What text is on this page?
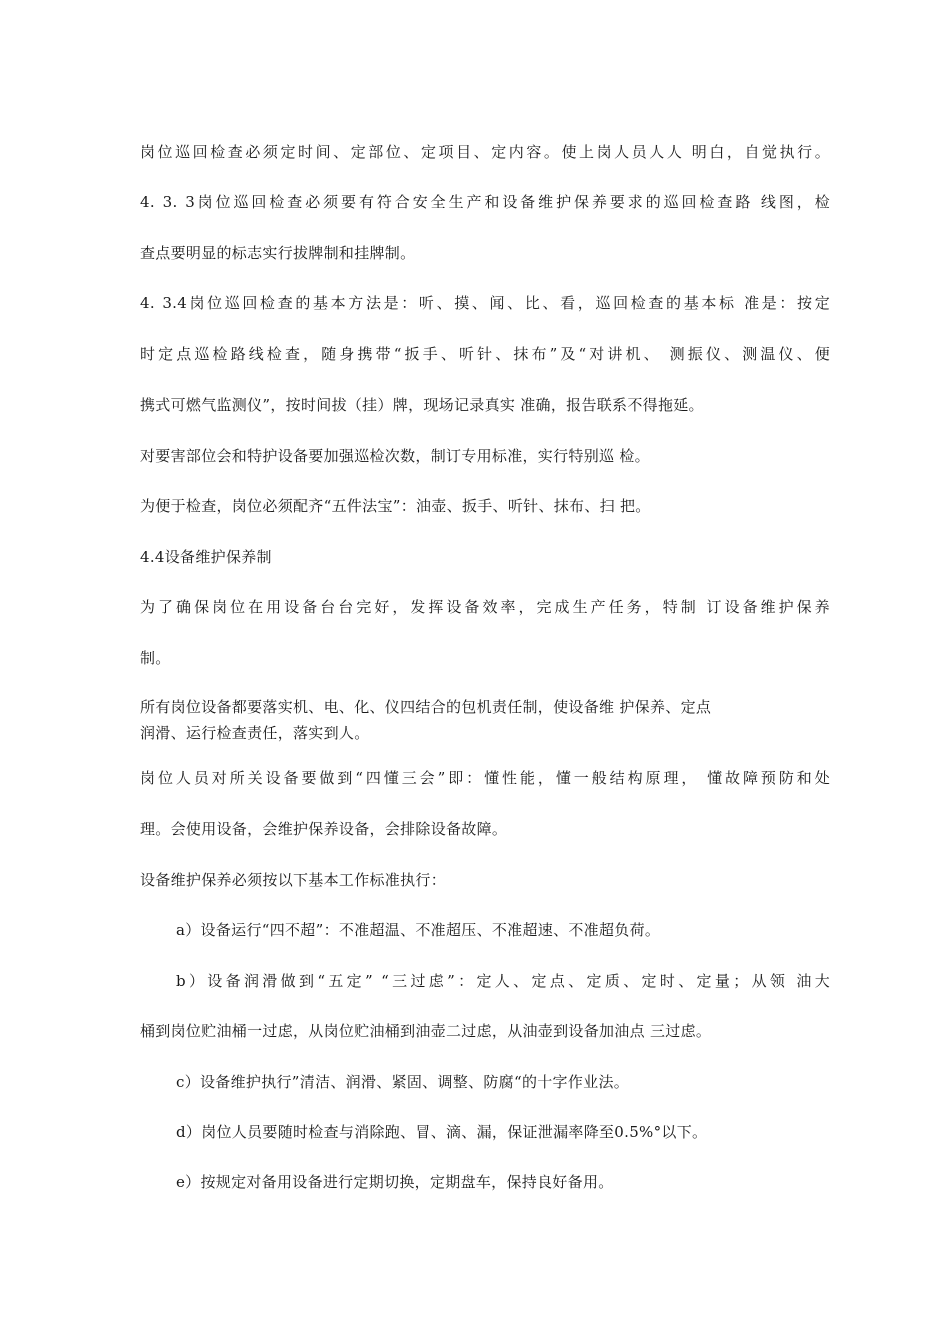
岗位巡回检查必须定时间、定部位、定项目、定内容。使上岗人员人人 明白，自觉执行。
4. 3. 3岗位巡回检查必须要有符合安全生产和设备维护保养要求的巡回检查路 线图，检
查点要明显的标志实行拔牌制和挂牌制。
4. 3.4岗位巡回检查的基本方法是：听、摸、闻、比、看，巡回检查的基本标 准是：按定
时定点巡检路线检查，随身携带“扳手、听针、抹布”及“对讲机、 测振仪、测温仪、便
携式可燃气监测仪”，按时间拔（挂）牌，现场记录真实 准确，报告联系不得拖延。
对要害部位会和特护设备要加强巡检次数，制订专用标准，实行特别巡 检。
为便于检查，岗位必须配齐“五件法宝”：油壶、扳手、听针、抹布、扫 把。
4.4设备维护保养制
为了确保岗位在用设备台台完好，发挥设备效率，完成生产任务，特制 订设备维护保养
制。
所有岗位设备都要落实机、电、化、仪四结合的包机责任制，使设备维 护保养、定点
润滑、运行检查责任，落实到人。
岗位人员对所关设备要做到“四懂三会”即：懂性能，懂一般结构原理， 懂故障预防和处
理。会使用设备，会维护保养设备，会排除设备故障。
设备维护保养必须按以下基本工作标准执行：
a）设备运行“四不超”：不准超温、不准超压、不准超速、不准超负荷。
b）设备润滑做到“五定” “三过虑”：定人、定点、定质、定时、定量；从领 油大
桶到岗位贮油桶一过虑，从岗位贮油桶到油壶二过虑，从油壶到设备加油点 三过虑。
c）设备维护执行”清洁、润滑、紧固、调整、防腐“的十字作业法。
d）岗位人员要随时检查与消除跑、冒、滴、漏，保证泄漏率降至0.5%°以下。
e）按规定对备用设备进行定期切换，定期盘车，保持良好备用。
